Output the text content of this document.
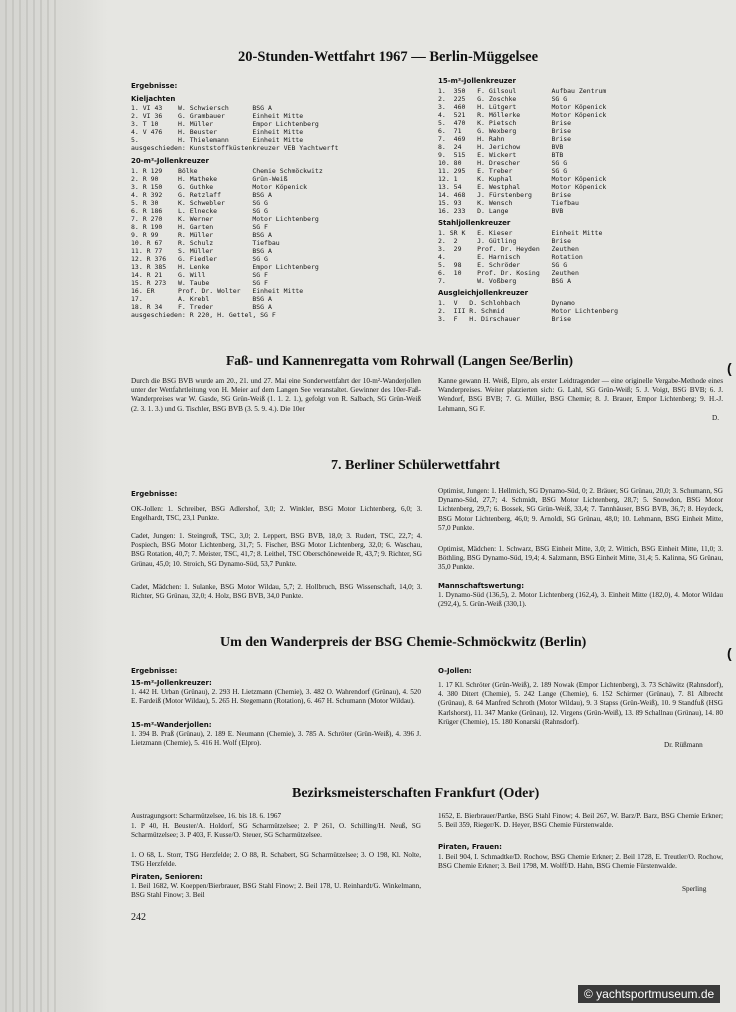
20-Stunden-Wettfahrt 1967 — Berlin-Müggelsee
Ergebnisse:
Kieljachten
1. VI 43    W. Schwiersch      BSG A
2. VI 36    G. Grambauer       Einheit Mitte
3. T 10     H. Müller          Empor Lichtenberg
4. V 476    H. Beuster         Einheit Mitte
5.          H. Thielemann      Einheit Mitte
ausgeschieden: Kunststoffküstenkreuzer VEB Yachtwerft
20-m²-Jollenkreuzer
1. R 129    Bölke              Chemie Schmöckwitz
2. R 90     H. Matheke         Grün-Weiß
3. R 150    G. Guthke          Motor Köpenick
4. R 392    G. Retzlaff        BSG A
5. R 30     K. Schwebler       SG G
6. R 186    L. Elnecke         SG G
7. R 270    K. Werner          Motor Lichtenberg
8. R 190    H. Garten          SG F
9. R 99     R. Müller          BSG A
10. R 67    R. Schulz          Tiefbau
11. R 77    S. Müller          BSG A
12. R 376   G. Fiedler         SG G
13. R 385   H. Lenke           Empor Lichtenberg
14. R 21    G. Will            SG F
15. R 273   W. Taube           SG F
16. ER      Prof. Dr. Wolter   Einheit Mitte
17.         A. Krebl           BSG A
18. R 34    F. Treder          BSG A
ausgeschieden: R 220, H. Gettel, SG F
15-m²-Jollenkreuzer
1.  350   F. Gilsoul         Aufbau Zentrum
2.  225   G. Zoschke         SG G
3.  460   H. Lütgert         Motor Köpenick
4.  521   R. Möllerke        Motor Köpenick
5.  470   K. Pietsch         Brise
6.  71    G. Wexberg         Brise
7.  469   H. Rahn            Brise
8.  24    H. Jerichow        BVB
9.  515   E. Wickert         BTB
10. 80    H. Drescher        SG G
11. 295   E. Treber          SG G
12. 1     K. Kuphal          Motor Köpenick
13. 54    E. Westphal        Motor Köpenick
14. 468   J. Fürstenberg     Brise
15. 93    K. Wensch          Tiefbau
16. 233   D. Lange           BVB
Stahljollenkreuzer
1. SR K   E. Kieser          Einheit Mitte
2.  2     J. Gütling         Brise
3.  29    Prof. Dr. Heyden   Zeuthen
4.        E. Harnisch        Rotation
5.  98    E. Schröder        SG G
6.  10    Prof. Dr. Kosing   Zeuthen
7.        W. Voßberg         BSG A
Ausgleichjollenkreuzer
1.  V   D. Schlohbach        Dynamo
2.  III R. Schmid            Motor Lichtenberg
3.  F   H. Dirschauer        Brise
Faß- und Kannenregatta vom Rohrwall (Langen See/Berlin)
Durch die BSG BVB wurde am 20., 21. und 27. Mai eine Sonderwettfahrt der 10-m²-Wanderjollen unter der Wettfahrtleitung von H. Meier auf dem Langen See veranstaltet. Gewinner des 10er-Faß-Wanderpreises war W. Gasde, SG Grün-Weiß (1. 1. 2. 1.), gefolgt von R. Salbach, SG Grün-Weiß (2. 3. 1. 3.) und G. Tischler, BSG BVB (3. 5. 9. 4.). Die 10er
Kanne gewann H. Weiß, Elpro, als erster Leidtragender — eine originelle Vergabe-Methode eines Wanderpreises. Weiter platzierten sich: G. Lahl, SG Grün-Weiß; 5. J. Voigt, BSG BVB; 6. J. Wendorf, BSG BVB; 7. G. Müller, BSG Chemie; 8. J. Brauer, Empor Lichtenberg; 9. H.-J. Lehmann, SG F.
D.
7. Berliner Schülerwettfahrt
Ergebnisse:
OK-Jollen: 1. Schreiber, BSG Adlershof, 3,0; 2. Winkler, BSG Motor Lichtenberg, 6,0; 3. Engelhardt, TSC, 23,1 Punkte.
Cadet, Jungen: 1. Steingroß, TSC, 3,0; 2. Leppert, BSG BVB, 18,0; 3. Rudert, TSC, 22,7; 4. Pospiech, BSG Motor Lichtenberg, 31,7; 5. Fischer, BSG Motor Lichtenberg, 32,0; 6. Waschau, BSG Rotation, 40,7; 7. Meister, TSC, 41,7; 8. Leithel, TSC Oberschöneweide R, 43,7; 9. Richter, SG Grünau, 45,0; 10. Stroich, SG Dynamo-Süd, 53,7 Punkte.
Cadet, Mädchen: 1. Sulanke, BSG Motor Wildau, 5,7; 2. Hollbruch, BSG Wissenschaft, 14,0; 3. Richter, SG Grünau, 32,0; 4. Holz, BSG BVB, 34,0 Punkte.
Optimist, Jungen: 1. Hellmich, SG Dynamo-Süd, 0; 2. Bräuer, SG Grünau, 20,0; 3. Schumann, SG Dynamo-Süd, 27,7; 4. Schmidt, BSG Motor Lichtenberg, 28,7; 5. Snowdon, BSG Motor Lichtenberg, 29,7; 6. Bossek, SG Grün-Weiß, 33,4; 7. Tannhäuser, BSG BVB, 36,7; 8. Heydeck, BSG Motor Lichtenberg, 46,0; 9. Arnoldi, SG Grünau, 48,0; 10. Lehmann, BSG Einheit Mitte, 57,0 Punkte.
Optimist, Mädchen: 1. Schwarz, BSG Einheit Mitte, 3,0; 2. Wittich, BSG Einheit Mitte, 11,0; 3. Böthling, BSG Dynamo-Süd, 19,4; 4. Salzmann, BSG Einheit Mitte, 31,4; 5. Kalinna, SG Grünau, 35,0 Punkte.
Mannschaftswertung:
1. Dynamo-Süd (136,5), 2. Motor Lichtenberg (162,4), 3. Einheit Mitte (182,0), 4. Motor Wildau (292,4), 5. Grün-Weiß (330,1).
Um den Wanderpreis der BSG Chemie-Schmöckwitz (Berlin)
Ergebnisse:
15-m²-Jollenkreuzer:
1. 442 H. Urban (Grünau), 2. 293 H. Lietzmann (Chemie), 3. 482 O. Wahrendorf (Grünau), 4. 520 E. Fardeiß (Motor Wildau), 5. 265 H. Stegemann (Rotation), 6. 467 H. Schumann (Motor Wildau).
15-m²-Wanderjollen:
1. 394 B. Praß (Grünau), 2. 189 E. Neumann (Chemie), 3. 785 A. Schröter (Grün-Weiß), 4. 396 J. Lietzmann (Chemie), 5. 416 H. Wolf (Elpro).
O-Jollen:
1. 17 Kl. Schröter (Grün-Weiß), 2. 189 Nowak (Empor Lichtenberg), 3. 73 Schäwitz (Rahnsdorf), 4. 380 Ditert (Chemie), 5. 242 Lange (Chemie), 6. 152 Schirmer (Grünau), 7. 81 Albrecht (Grünau), 8. 64 Manfred Schroth (Motor Wildau), 9. 3 Stapss (Grün-Weiß), 10. 9 Standfuß (HSG Karlshorst), 11. 347 Manke (Grünau), 12. Virgens (Grün-Weiß), 13. 89 Schallnau (Grünau), 14. 80 Krüger (Chemie), 15. 180 Konarski (Rahnsdorf).
Dr. Rüßmann
Bezirksmeisterschaften Frankfurt (Oder)
Austragungsort: Scharmützelsee, 16. bis 18. 6. 1967
1. P 40, H. Beuster/A. Holdorf, SG Scharmützelsee; 2. P 261, O. Schilling/H. Neuß, SG Scharmützelsee; 3. P 403, F. Kusse/O. Steuer, SG Scharmützelsee.
1. O 68, L. Storr, TSG Herzfelde; 2. O 88, R. Schabert, SG Scharmützelsee; 3. O 198, Kl. Nolte, TSG Herzfelde.
Piraten, Senioren:
1. Beil 1682, W. Koeppen/Bierbrauer, BSG Stahl Finow; 2. Beil 178, U. Reinhardt/G. Winkelmann, BSG Stahl Finow; 3. Beil
1652, E. Bierbrauer/Partke, BSG Stahl Finow; 4. Beil 267, W. Barz/P. Barz, BSG Chemie Erkner; 5. Beil 359, Rieger/K. D. Heyer, BSG Chemie Fürstenwalde.
Piraten, Frauen:
1. Beil 904, I. Schmadtke/D. Rochow, BSG Chemie Erkner; 2. Beil 1728, E. Treutler/O. Rochow, BSG Chemie Erkner; 3. Beil 1798, M. Wolff/D. Hahn, BSG Chemie Fürstenwalde.
Sperling
242
(
(
© yachtsportmuseum.de
